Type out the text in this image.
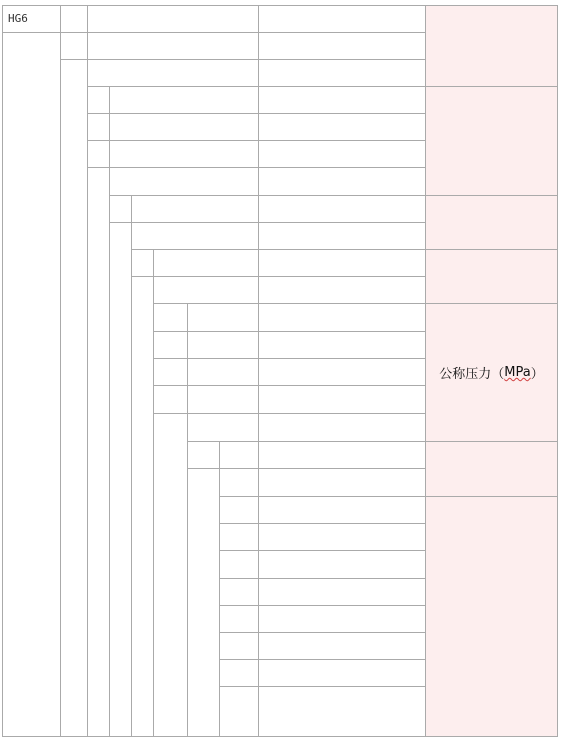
HG6
公称压力（ MPa ）
